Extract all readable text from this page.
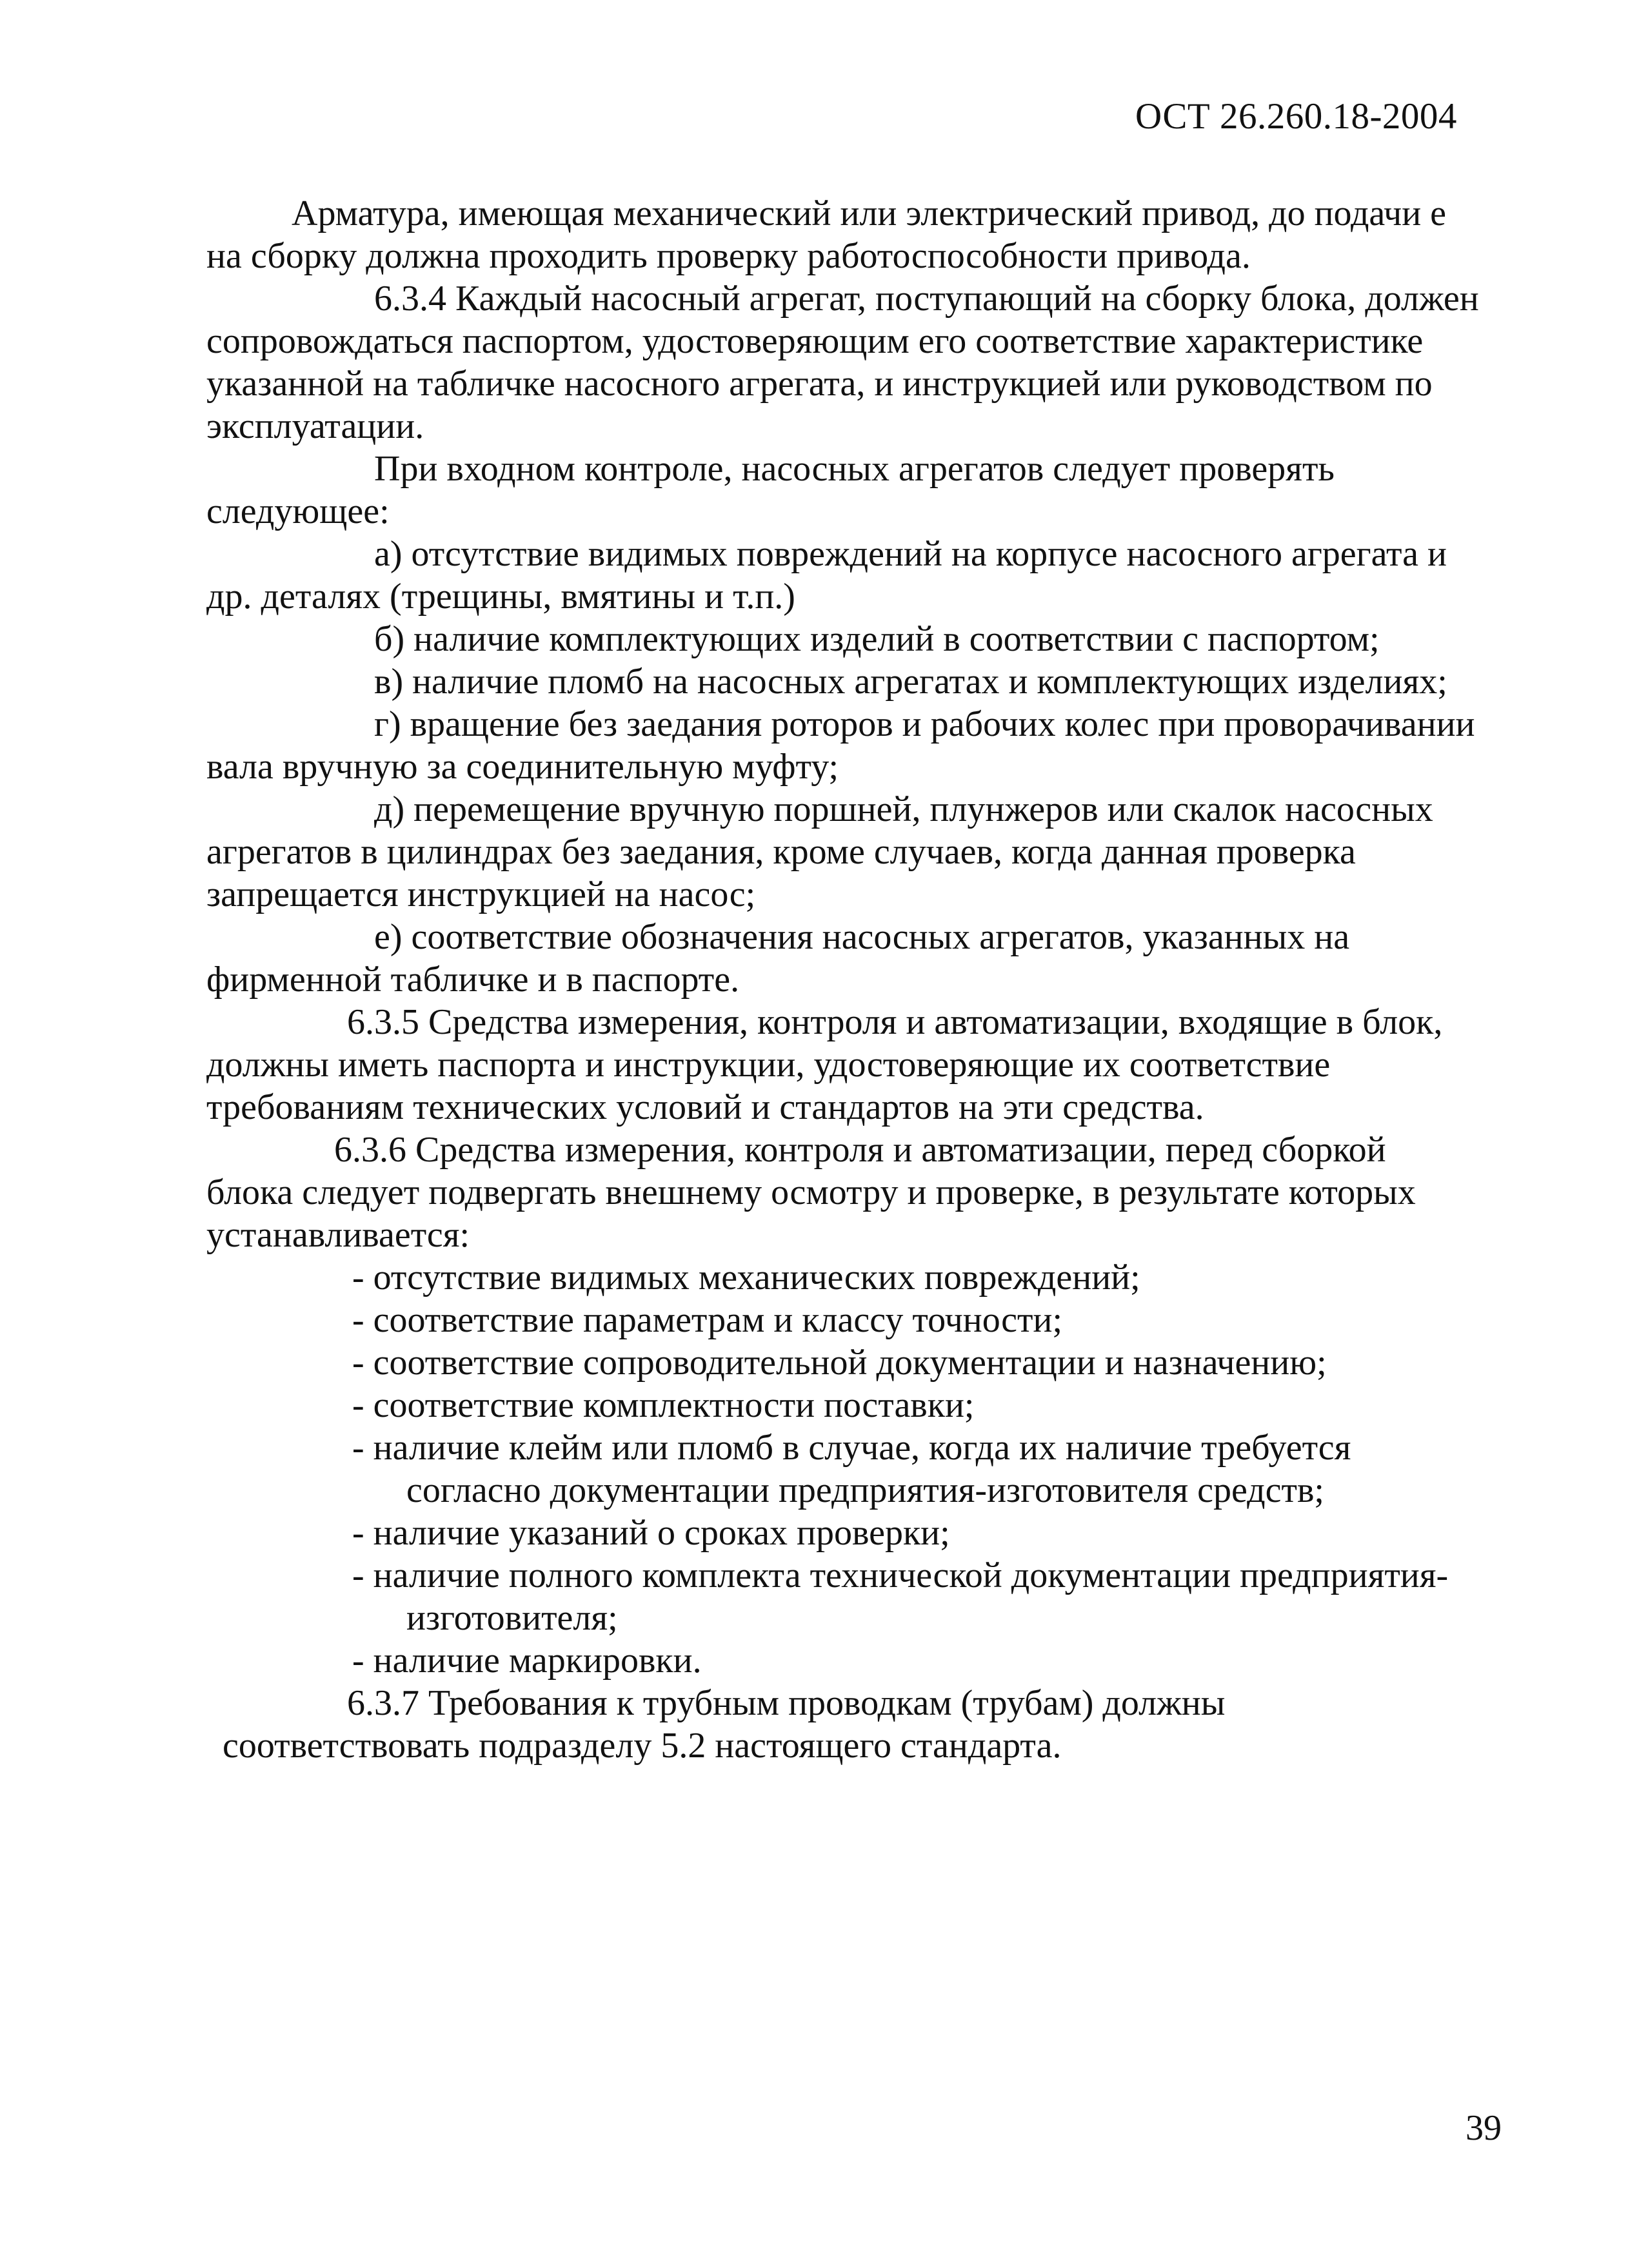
ОСТ 26.260.18-2004
Арматура, имеющая механический или электрический привод, до подачи е
на сборку должна проходить проверку работоспособности привода.
6.3.4 Каждый насосный агрегат, поступающий на сборку блока, должен
сопровождаться паспортом, удостоверяющим его соответствие характеристике
указанной на табличке насосного агрегата, и инструкцией или руководством по
эксплуатации.
При входном контроле, насосных агрегатов следует проверять
следующее:
а) отсутствие видимых повреждений на корпусе насосного агрегата и
др. деталях (трещины, вмятины и т.п.)
б) наличие комплектующих изделий в соответствии с паспортом;
в) наличие пломб на насосных агрегатах и комплектующих изделиях;
г) вращение без заедания роторов и рабочих колес при проворачивании
вала вручную за соединительную муфту;
д) перемещение вручную поршней, плунжеров или скалок насосных
агрегатов в цилиндрах без заедания, кроме случаев, когда данная проверка
запрещается инструкцией на насос;
е) соответствие обозначения насосных агрегатов, указанных на
фирменной табличке и в паспорте.
6.3.5 Средства измерения, контроля и автоматизации, входящие в блок,
должны иметь паспорта и инструкции, удостоверяющие их соответствие
требованиям технических условий и стандартов на эти средства.
6.3.6 Средства измерения, контроля и автоматизации, перед сборкой
блока следует подвергать внешнему осмотру и проверке, в результате которых
устанавливается:
- отсутствие видимых механических повреждений;
- соответствие параметрам и классу точности;
- соответствие сопроводительной документации и назначению;
- соответствие комплектности поставки;
- наличие клейм или пломб в случае, когда их наличие требуется
согласно документации предприятия-изготовителя средств;
- наличие указаний о сроках проверки;
- наличие полного комплекта технической документации предприятия-
изготовителя;
- наличие маркировки.
6.3.7 Требования к трубным проводкам (трубам) должны
соответствовать подразделу 5.2 настоящего стандарта.
39
